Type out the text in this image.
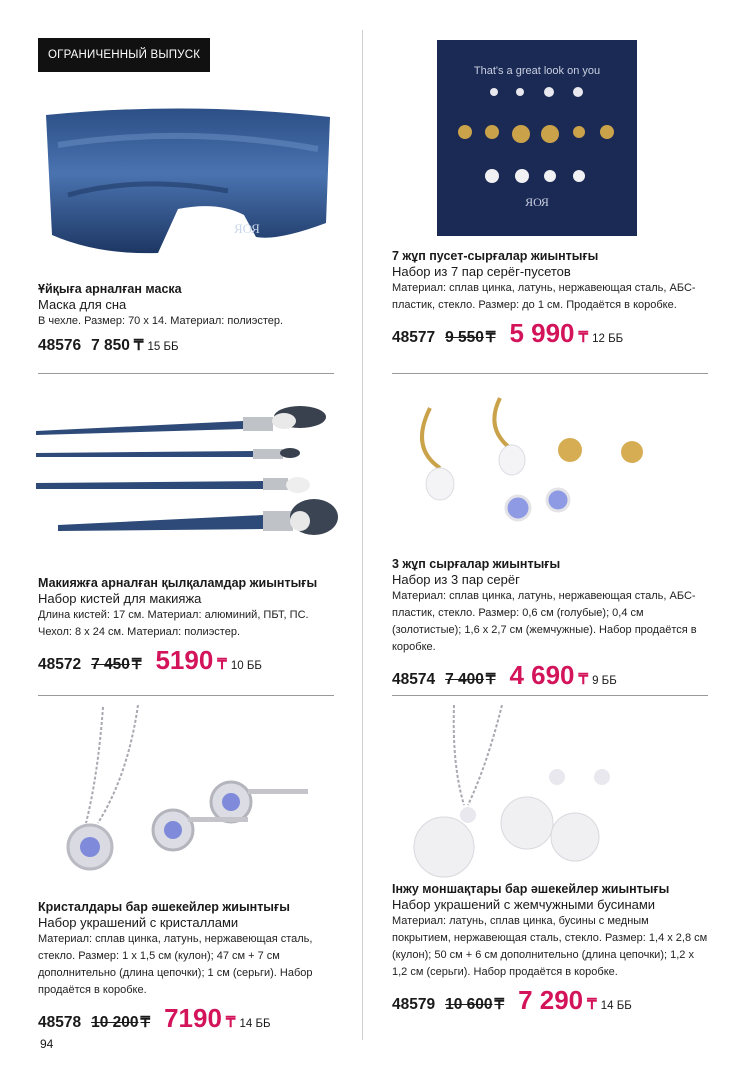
ОГРАНИЧЕННЫЙ ВЫПУСК
ЯОЯ
That's a great look on you
ЯОЯ
Ұйқыға арналған маска
Маска для сна
В чехле. Размер: 70 х 14. Материал: полиэстер.
48576 7 850 ₸ 15 ББ
7 жұп пусет-сырғалар жиынтығы
Набор из 7 пар серёг-пусетов
Материал: сплав цинка, латунь, нержавеющая сталь, АБС-пластик, стекло. Размер: до 1 см. Продаётся в коробке.
48577 9 550 ₸ 5 990 ₸ 12 ББ
Макияжға арналған қылқаламдар жиынтығы
Набор кистей для макияжа
Длина кистей: 17 см. Материал: алюминий, ПБТ, ПС. Чехол: 8 х 24 см. Материал: полиэстер.
48572 7 450 ₸ 5190 ₸ 10 ББ
3 жұп сырғалар жиынтығы
Набор из 3 пар серёг
Материал: сплав цинка, латунь, нержавеющая сталь, АБС-пластик, стекло. Размер: 0,6 см (голубые); 0,4 см (золотистые); 1,6 х 2,7 см (жемчужные). Набор продаётся в коробке.
48574 7 400 ₸ 4 690 ₸ 9 ББ
Кристалдары бар әшекейлер жиынтығы
Набор украшений с кристаллами
Материал: сплав цинка, латунь, нержавеющая сталь, стекло. Размер: 1 х 1,5 см (кулон); 47 см + 7 см дополнительно (длина цепочки); 1 см (серьги). Набор продаётся в коробке.
48578 10 200 ₸ 7190 ₸ 14 ББ
Інжу моншақтары бар әшекейлер жиынтығы
Набор украшений с жемчужными бусинами
Материал: латунь, сплав цинка, бусины с медным покрытием, нержавеющая сталь, стекло. Размер: 1,4 х 2,8 см (кулон); 50 см + 6 см дополнительно (длина цепочки); 1,2 х 1,2 см (серьги). Набор продаётся в коробке.
48579 10 600 ₸ 7 290 ₸ 14 ББ
94
